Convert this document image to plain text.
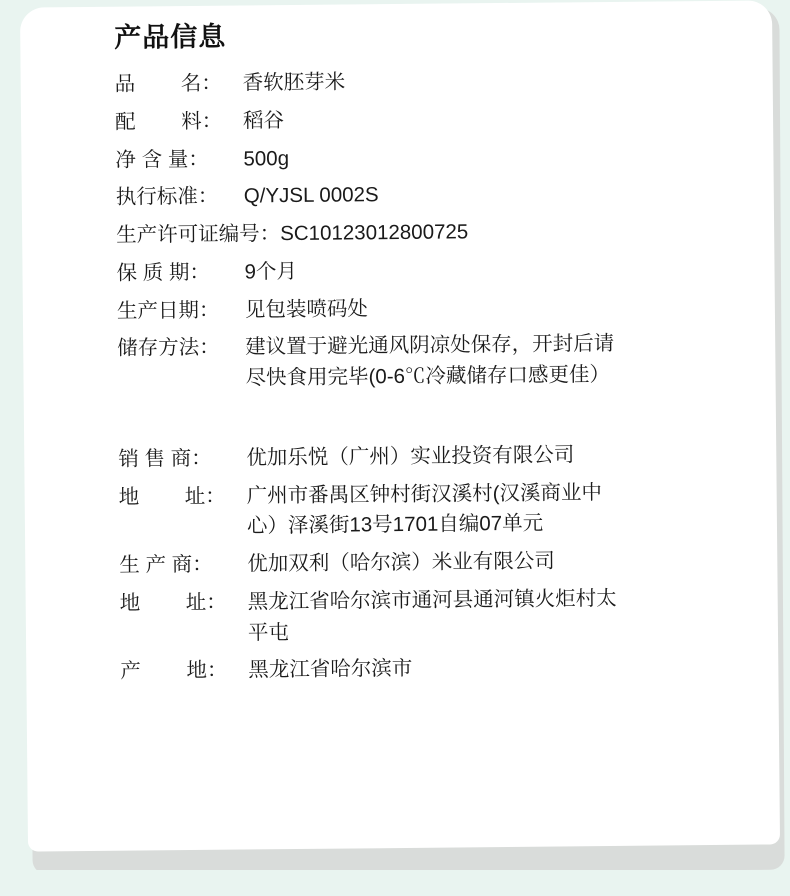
产品信息
品        名：	香软胚芽米
配        料：	稻谷
净 含 量：	500g
执行标准：	Q/YJSL 0002S
生产许可证编号： SC10123012800725
保 质 期：	9个月
生产日期：	见包装喷码处
储存方法：	建议置于避光通风阴凉处保存，开封后请
尽快食用完毕(0-6℃冷藏储存口感更佳）
销 售 商：	优加乐悦（广州）实业投资有限公司
地        址：	广州市番禺区钟村街汉溪村(汉溪商业中
心）泽溪街13号1701自编07单元
生 产 商：	优加双利（哈尔滨）米业有限公司
地        址：	黑龙江省哈尔滨市通河县通河镇火炬村太
平屯
产        地：	黑龙江省哈尔滨市
